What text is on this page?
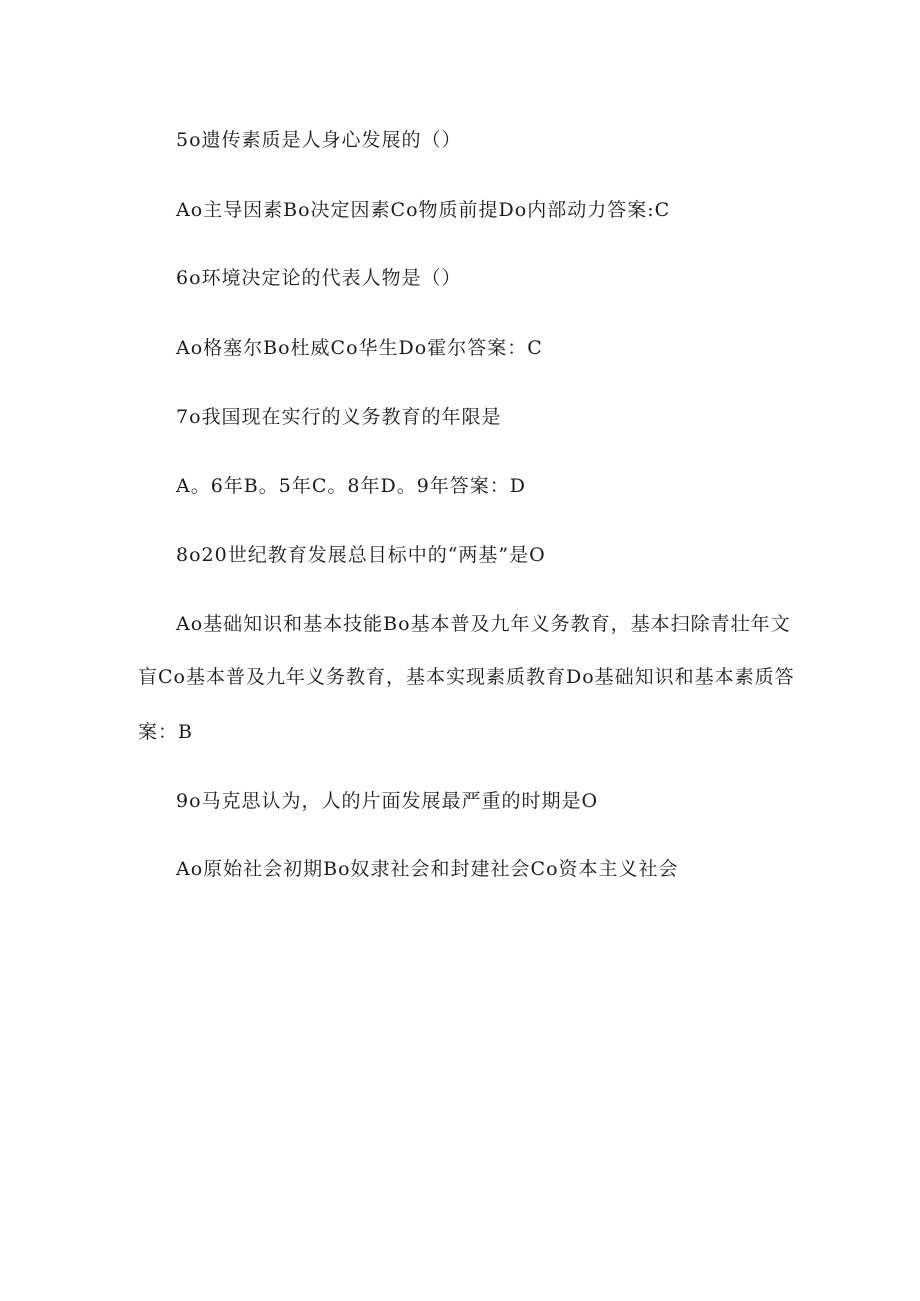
5o遗传素质是人身心发展的（）
Ao主导因素Bo决定因素Co物质前提Do内部动力答案:C
6o环境决定论的代表人物是（）
Ao格塞尔Bo杜威Co华生Do霍尔答案：C
7o我国现在实行的义务教育的年限是
A。6年B。5年C。8年D。9年答案：D
8o20世纪教育发展总目标中的“两基”是O
Ao基础知识和基本技能Bo基本普及九年义务教育，基本扫除青壮年文
盲Co基本普及九年义务教育，基本实现素质教育Do基础知识和基本素质答
案：B
9o马克思认为，人的片面发展最严重的时期是O
Ao原始社会初期Bo奴隶社会和封建社会Co资本主义社会
